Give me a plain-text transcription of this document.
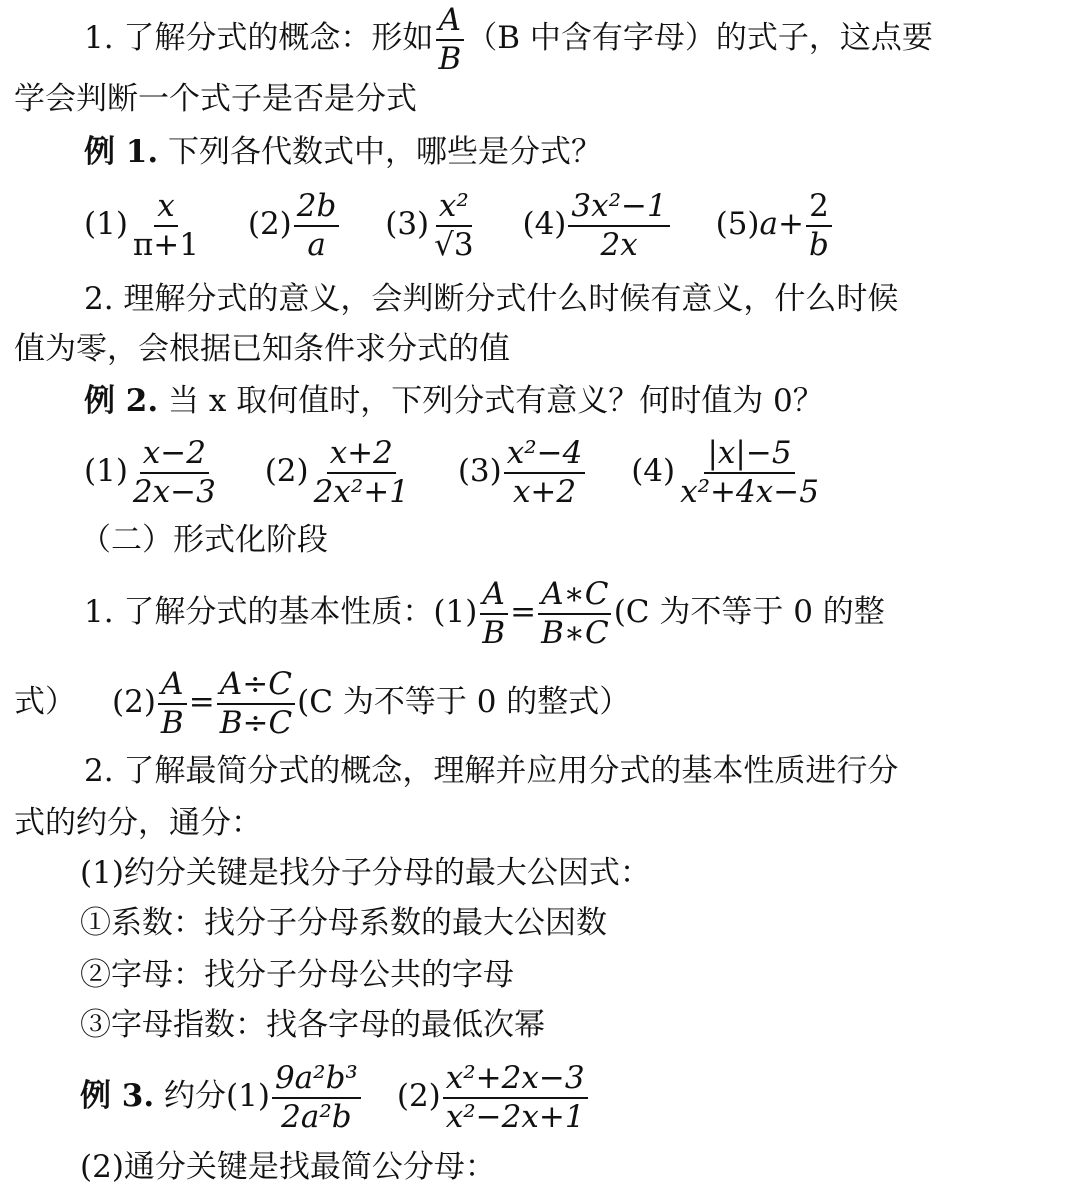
1. 了解分式的概念：形如 $\frac{A}{B} (B$ 中含有字母）的式子，这点要
学会判断一个式子是否是分式
例 1. 下列各代数式中，哪些是分式？
$(1) \frac{x}{\pi+1} (2) \frac{2b}{a} (3) \frac{\text{x²}}{√3} (4) \frac{\text{3x²−1}}{2x} (5)a+ \frac{2}{b}$
2. 理解分式的意义，会判断分式什么时候有意义，什么时候
值为零，会根据已知条件求分式的值
例 2. 当 x 取何值时，下列分式有意义？何时值为 0？
$(1) \frac{x-2}{2x-3} (2) \frac{x+2}{\text{2x²+1}} (3) \frac{\text{x²−4}}{x+2} (4) \frac{|x|-5}{\text{x²+4x−5}}$
（二）形式化阶段
1. 了解分式的基本性质：$(1) \frac{A}{B} = \frac{A∗C}{B∗C} (C$ 为不等于 0 的整
式） $(2) \frac{A}{B} = \frac{A\div C}{B\div C} (C$ 为不等于 0 的整式）
2. 了解最简分式的概念，理解并应用分式的基本性质进行分
式的约分，通分：
(1)约分关键是找分子分母的最大公因式：
①系数：找分子分母系数的最大公因数
②字母：找分子分母公共的字母
③字母指数：找各字母的最低次幂
例 3. 约分$(1) \frac{\text{9a²b³}}{\text{2a²b}} (2) \frac{\text{x²+2x−3}}{\text{x²−2x+1}}$
(2)通分关键是找最简公分母：
